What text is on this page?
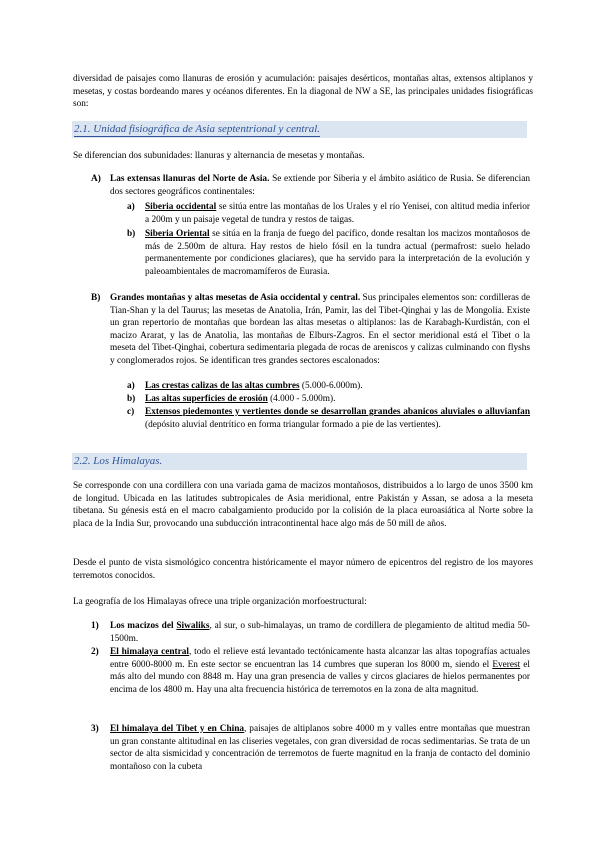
diversidad de paisajes como llanuras de erosión y acumulación: paisajes desérticos, montañas altas, extensos altiplanos y mesetas, y costas bordeando mares y océanos diferentes. En la diagonal de NW a SE, las principales unidades fisiográficas son:

2.1. Unidad fisiográfica de Asia septentrional y central.

Se diferencian dos subunidades: llanuras y alternancia de mesetas y montañas.

A) Las extensas llanuras del Norte de Asia. Se extiende por Siberia y el ámbito asiático de Rusia. Se diferencian dos sectores geográficos continentales:

a) Siberia occidental se sitúa entre las montañas de los Urales y el río Yenisei, con altitud media inferior a 200m y un paisaje vegetal de tundra y restos de taigas.

b) Siberia Oriental se sitúa en la franja de fuego del pacífico, donde resaltan los macizos montañosos de más de 2.500m de altura. Hay restos de hielo fósil en la tundra actual (permafrost: suelo helado permanentemente por condiciones glaciares), que ha servido para la interpretación de la evolución y paleoambientales de macromamíferos de Eurasia.

B) Grandes montañas y altas mesetas de Asia occidental y central. Sus principales elementos son: cordilleras de Tian-Shan y la del Taurus; las mesetas de Anatolia, Irán, Pamir, las del Tibet-Qinghai y las de Mongolia. Existe un gran repertorio de montañas que bordean las altas mesetas o altiplanos: las de Karabagh-Kurdistán, con el macizo Ararat, y las de Anatolia, las montañas de Elburs-Zagros. En el sector meridional está el Tibet o la meseta del Tibet-Qinghai, cobertura sedimentaria plegada de rocas de areniscos y calizas culminando con flyshs y conglomerados rojos. Se identifican tres grandes sectores escalonados:

a) Las crestas calizas de las altas cumbres (5.000-6.000m).

b) Las altas superficies de erosión (4.000 - 5.000m).

c) Extensos piedemontes y vertientes donde se desarrollan grandes abanicos aluviales o alluvianfan (depósito aluvial dentrítico en forma triangular formado a pie de las vertientes).

2.2. Los Himalayas.

Se corresponde con una cordillera con una variada gama de macizos montañosos, distribuidos a lo largo de unos 3500 km de longitud. Ubicada en las latitudes subtropicales de Asia meridional, entre Pakistán y Assan, se adosa a la meseta tibetana. Su génesis está en el macro cabalgamiento producido por la colisión de la placa euroasiática al Norte sobre la placa de la India Sur, provocando una subducción intracontinental hace algo más de 50 mill de años.

Desde el punto de vista sismológico concentra históricamente el mayor número de epicentros del registro de los mayores terremotos conocidos.

La geografía de los Himalayas ofrece una triple organización morfoestructural:

1) Los macizos del Siwaliks, al sur, o sub-himalayas, un tramo de cordillera de plegamiento de altitud media 50-1500m.

2) El himalaya central, todo el relieve está levantado tectónicamente hasta alcanzar las altas topografías actuales entre 6000-8000 m. En este sector se encuentran las 14 cumbres que superan los 8000 m, siendo el Everest el más alto del mundo con 8848 m. Hay una gran presencia de valles y circos glaciares de hielos permanentes por encima de los 4800 m. Hay una alta frecuencia histórica de terremotos en la zona de alta magnitud.

3) El himalaya del Tibet y en China, paisajes de altiplanos sobre 4000 m y valles entre montañas que muestran un gran constante altitudinal en las cliseries vegetales, con gran diversidad de rocas sedimentarias. Se trata de un sector de alta sismicidad y concentración de terremotos de fuerte magnitud en la franja de contacto del dominio montañoso con la cubeta
